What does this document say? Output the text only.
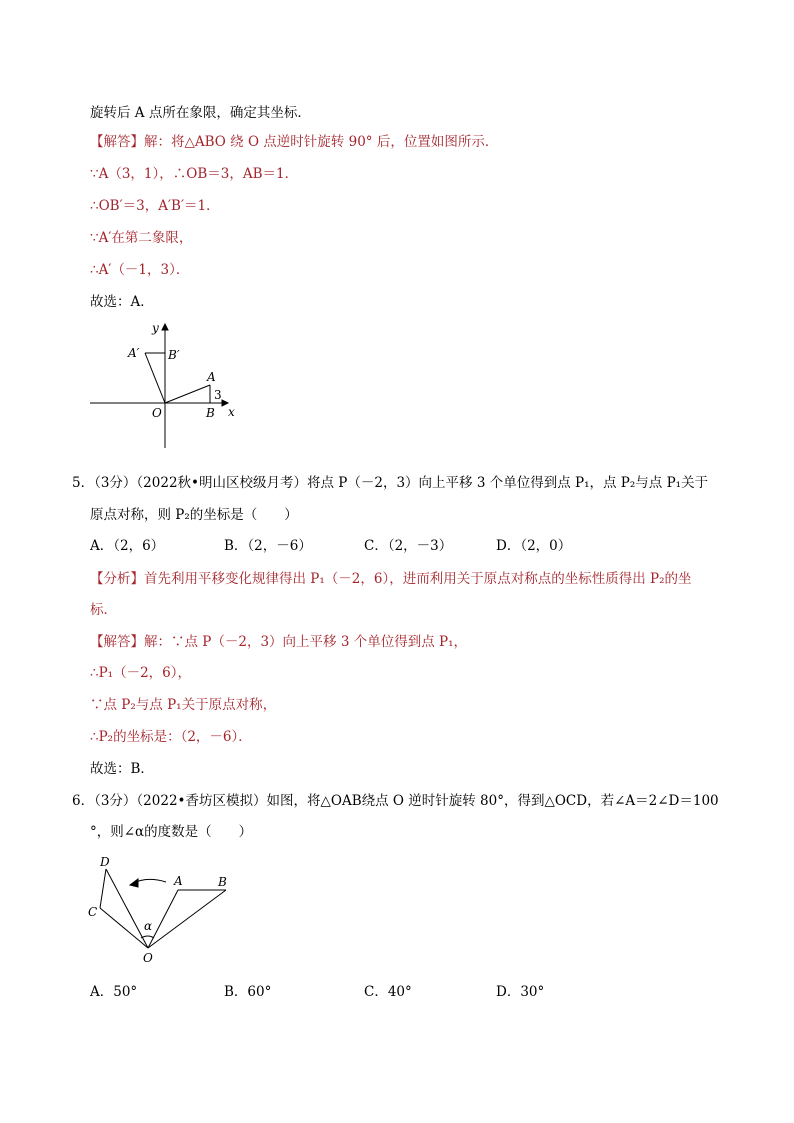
旋转后 A 点所在象限，确定其坐标．
【解答】解：将△ABO 绕 O 点逆时针旋转 90° 后，位置如图所示．
∵A（3，1），∴OB＝3，AB＝1．
∴OB′＝3，A′B′＝1．
∵A′在第二象限，
∴A′（－1，3）．
故选：A．
y
x
O
A
B
3
A′ B′
5．（3分）（2022秋•明山区校级月考）将点 P（－2，3）向上平移 3 个单位得到点 P₁，点 P₂与点 P₁关于
原点对称，则 P₂的坐标是（　　）
A．（2，6）	B．（2，－6）	C．（2，－3）	D．（2，0）
【分析】首先利用平移变化规律得出 P₁（－2，6），进而利用关于原点对称点的坐标性质得出 P₂的坐
标．
【解答】解：∵点 P（－2，3）向上平移 3 个单位得到点 P₁，
∴P₁（－2，6），
∵点 P₂与点 P₁关于原点对称，
∴P₂的坐标是：（2，－6）．
故选：B．
6．（3分）（2022•香坊区模拟）如图，将△OAB绕点 O 逆时针旋转 80°，得到△OCD，若∠A＝2∠D＝100
°，则∠α的度数是（　　）
D
C
A	B
O
α
A．50°	B．60°	C．40°	D．30°
